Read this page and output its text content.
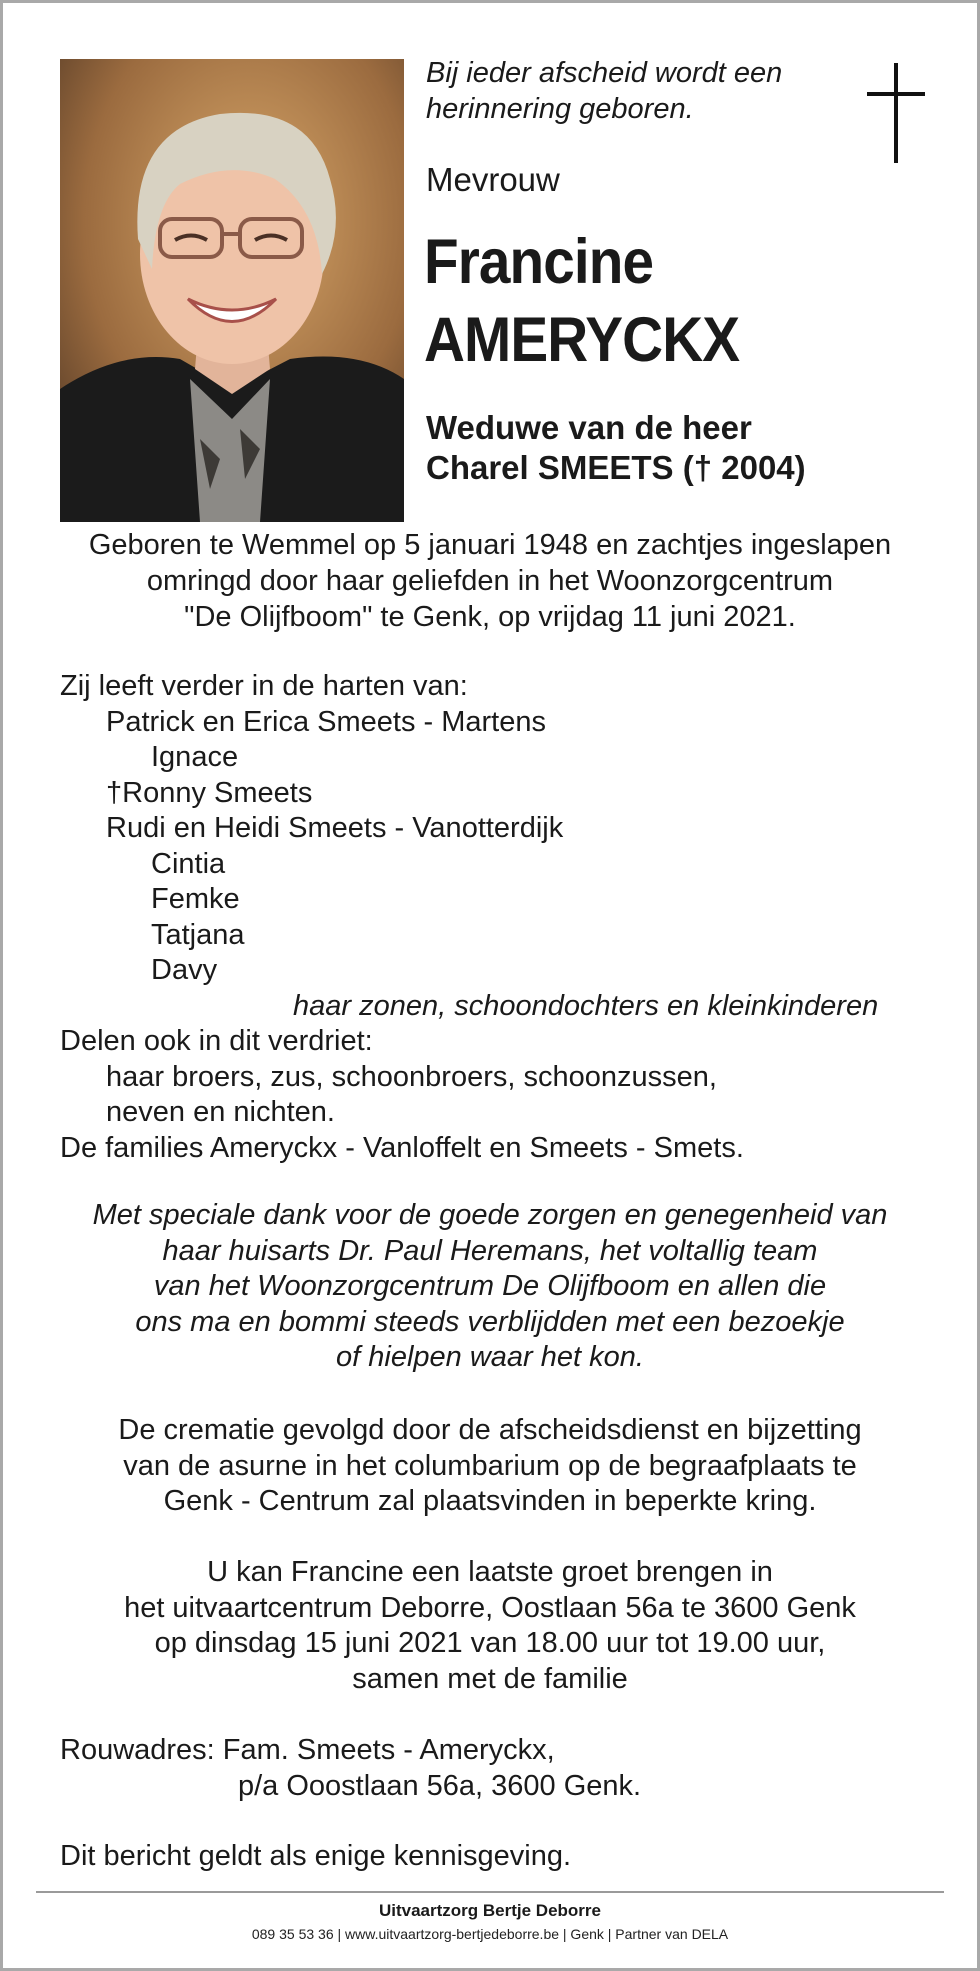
Bij ieder afscheid wordt een
herinnering geboren.

Mevrouw

Francine

AMERYCKX

Weduwe van de heer
Charel SMEETS († 2004)
Geboren te Wemmel op 5 januari 1948 en zachtjes ingeslapen
omringd door haar geliefden in het Woonzorgcentrum
"De Olijfboom" te Genk, op vrijdag 11 juni 2021.
Zij leeft verder in de harten van:
Patrick en Erica Smeets - Martens
Ignace
†Ronny Smeets
Rudi en Heidi Smeets - Vanotterdijk
Cintia
Femke
Tatjana
Davy
haar zonen, schoondochters en kleinkinderen
Delen ook in dit verdriet:
haar broers, zus, schoonbroers, schoonzussen,
neven en nichten.
De families Ameryckx - Vanloffelt en Smeets - Smets.
Met speciale dank voor de goede zorgen en genegenheid van
haar huisarts Dr. Paul Heremans, het voltallig team
van het Woonzorgcentrum De Olijfboom en allen die
ons ma en bommi steeds verblijdden met een bezoekje
of hielpen waar het kon.
De crematie gevolgd door de afscheidsdienst en bijzetting
van de asurne in het columbarium op de begraafplaats te
Genk - Centrum zal plaatsvinden in beperkte kring.
U kan Francine een laatste groet brengen in
het uitvaartcentrum Deborre, Oostlaan 56a te 3600 Genk
op dinsdag 15 juni 2021 van 18.00 uur tot 19.00 uur,
samen met de familie
Rouwadres: Fam. Smeets - Ameryckx,
p/a Ooostlaan 56a, 3600 Genk.

Dit bericht geldt als enige kennisgeving.

Uitvaartzorg Bertje Deborre

089 35 53 36 | www.uitvaartzorg-bertjedeborre.be | Genk | Partner van DELA
